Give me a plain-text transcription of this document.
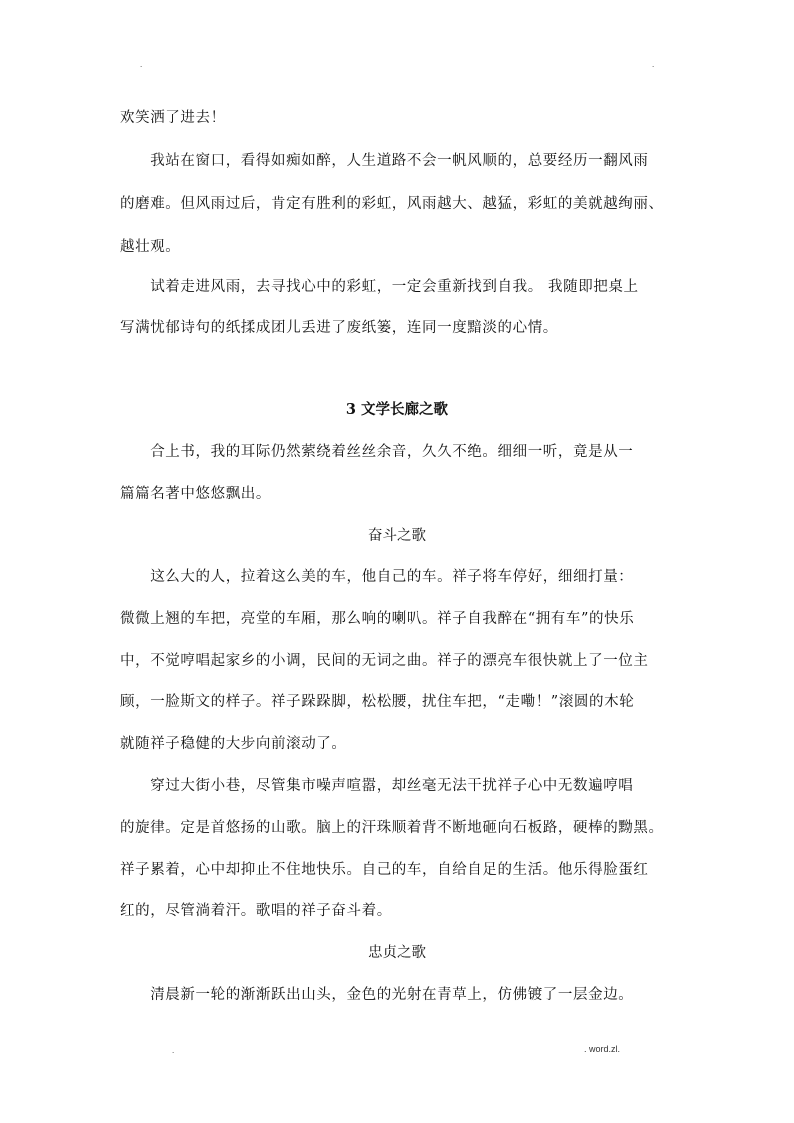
.	.
欢笑洒了进去！
　　我站在窗口，看得如痴如醉，人生道路不会一帆风顺的，总要经历一翻风雨
的磨难。但风雨过后，肯定有胜利的彩虹，风雨越大、越猛，彩虹的美就越绚丽、
越壮观。
　　试着走进风雨，去寻找心中的彩虹，一定会重新找到自我。 我随即把桌上
写满忧郁诗句的纸揉成团儿丢进了废纸篓，连同一度黯淡的心情。
3 文学长廊之歌
　　合上书，我的耳际仍然萦绕着丝丝余音，久久不绝。细细一听，竟是从一
篇篇名著中悠悠飘出。
奋斗之歌
　　这么大的人，拉着这么美的车，他自己的车。祥子将车停好，细细打量：
微微上翘的车把，亮堂的车厢，那么响的喇叭。祥子自我醉在“拥有车”的快乐
中，不觉哼唱起家乡的小调，民间的无词之曲。祥子的漂亮车很快就上了一位主
顾，一脸斯文的样子。祥子跺跺脚，松松腰，扰住车把，“走嘞！”滚圆的木轮
就随祥子稳健的大步向前滚动了。
　　穿过大街小巷，尽管集市噪声喧嚣，却丝毫无法干扰祥子心中无数遍哼唱
的旋律。定是首悠扬的山歌。脑上的汗珠顺着背不断地砸向石板路，硬棒的黝黑。
祥子累着，心中却抑止不住地快乐。自己的车，自给自足的生活。他乐得脸蛋红
红的，尽管淌着汗。歌唱的祥子奋斗着。
忠贞之歌
　　清晨新一轮的渐渐跃出山头，金色的光射在青草上，仿佛镀了一层金边。
.	. word.zl.
